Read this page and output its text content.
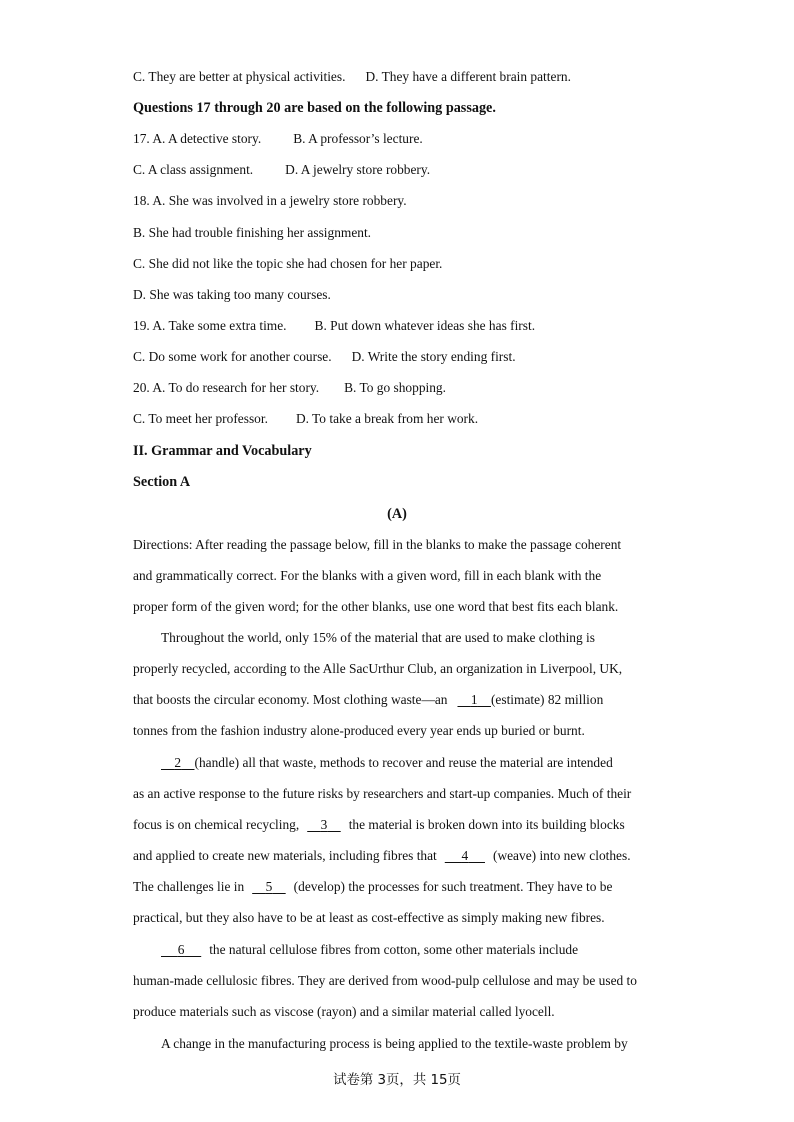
C. They are better at physical activities. D. They have a different brain pattern.
Questions 17 through 20 are based on the following passage.
17. A. A detective story. B. A professor’s lecture.
C. A class assignment. D. A jewelry store robbery.
18. A. She was involved in a jewelry store robbery.
B. She had trouble finishing her assignment.
C. She did not like the topic she had chosen for her paper.
D. She was taking too many courses.
19. A. Take some extra time. B. Put down whatever ideas she has first.
C. Do some work for another course. D. Write the story ending first.
20. A. To do research for her story. B. To go shopping.
C. To meet her professor. D. To take a break from her work.
II. Grammar and Vocabulary
Section A
(A)
Directions: After reading the passage below, fill in the blanks to make the passage coherent
and grammatically correct. For the blanks with a given word, fill in each blank with the
proper form of the given word; for the other blanks, use one word that best fits each blank.
Throughout the world, only 15% of the material that are used to make clothing is
properly recycled, according to the Alle SacUrthur Club, an organization in Liverpool, UK,
that boosts the circular economy. Most clothing waste—an 1 (estimate) 82 million
tonnes from the fashion industry alone-produced every year ends up buried or burnt.
2 (handle) all that waste, methods to recover and reuse the material are intended
as an active response to the future risks by researchers and start-up companies. Much of their
focus is on chemical recycling, 3 the material is broken down into its building blocks
and applied to create new materials, including fibres that 4 (weave) into new clothes.
The challenges lie in 5 (develop) the processes for such treatment. They have to be
practical, but they also have to be at least as cost-effective as simply making new fibres.
6 the natural cellulose fibres from cotton, some other materials include
human-made cellulosic fibres. They are derived from wood-pulp cellulose and may be used to
produce materials such as viscose (rayon) and a similar material called lyocell.
A change in the manufacturing process is being applied to the textile-waste problem by
试卷第 3页，共 15页
